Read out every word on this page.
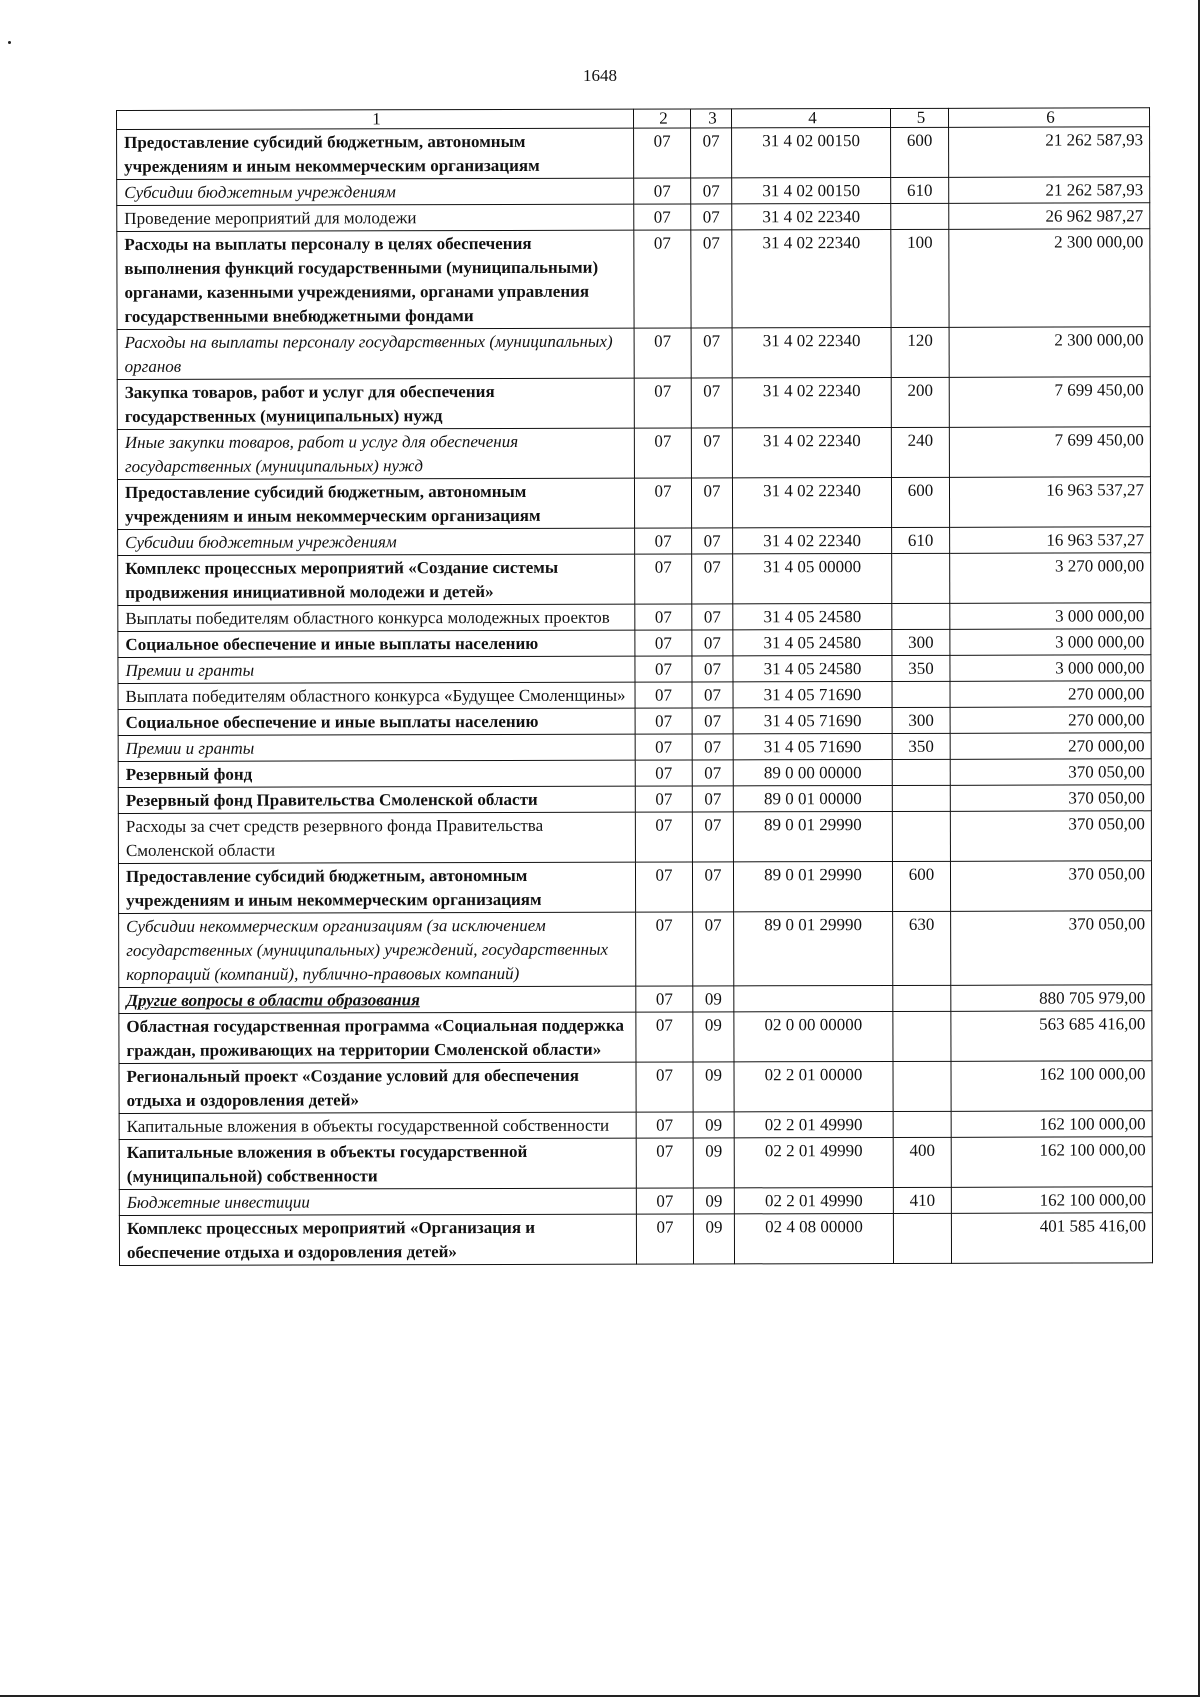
1648
1	2	3	4	5	6
Предоставление субсидий бюджетным, автономным учреждениям и иным некоммерческим организациям	07	07	31 4 02 00150	600	21 262 587,93
Субсидии бюджетным учреждениям	07	07	31 4 02 00150	610	21 262 587,93
Проведение мероприятий для молодежи	07	07	31 4 02 22340		26 962 987,27
Расходы на выплаты персоналу в целях обеспечения выполнения функций государственными (муниципальными) органами, казенными учреждениями, органами управления государственными внебюджетными фондами	07	07	31 4 02 22340	100	2 300 000,00
Расходы на выплаты персоналу государственных (муниципальных) органов	07	07	31 4 02 22340	120	2 300 000,00
Закупка товаров, работ и услуг для обеспечения государственных (муниципальных) нужд	07	07	31 4 02 22340	200	7 699 450,00
Иные закупки товаров, работ и услуг для обеспечения государственных (муниципальных) нужд	07	07	31 4 02 22340	240	7 699 450,00
Предоставление субсидий бюджетным, автономным учреждениям и иным некоммерческим организациям	07	07	31 4 02 22340	600	16 963 537,27
Субсидии бюджетным учреждениям	07	07	31 4 02 22340	610	16 963 537,27
Комплекс процессных мероприятий «Создание системы продвижения инициативной молодежи и детей»	07	07	31 4 05 00000		3 270 000,00
Выплаты победителям областного конкурса молодежных проектов	07	07	31 4 05 24580		3 000 000,00
Социальное обеспечение и иные выплаты населению	07	07	31 4 05 24580	300	3 000 000,00
Премии и гранты	07	07	31 4 05 24580	350	3 000 000,00
Выплата победителям областного конкурса «Будущее Смоленщины»	07	07	31 4 05 71690		270 000,00
Социальное обеспечение и иные выплаты населению	07	07	31 4 05 71690	300	270 000,00
Премии и гранты	07	07	31 4 05 71690	350	270 000,00
Резервный фонд	07	07	89 0 00 00000		370 050,00
Резервный фонд Правительства Смоленской области	07	07	89 0 01 00000		370 050,00
Расходы за счет средств резервного фонда Правительства Смоленской области	07	07	89 0 01 29990		370 050,00
Предоставление субсидий бюджетным, автономным учреждениям и иным некоммерческим организациям	07	07	89 0 01 29990	600	370 050,00
Субсидии некоммерческим организациям (за исключением государственных (муниципальных) учреждений, государственных корпораций (компаний), публично-правовых компаний)	07	07	89 0 01 29990	630	370 050,00
Другие вопросы в области образования	07	09			880 705 979,00
Областная государственная программа «Социальная поддержка граждан, проживающих на территории Смоленской области»	07	09	02 0 00 00000		563 685 416,00
Региональный проект «Создание условий для обеспечения отдыха и оздоровления детей»	07	09	02 2 01 00000		162 100 000,00
Капитальные вложения в объекты государственной собственности	07	09	02 2 01 49990		162 100 000,00
Капитальные вложения в объекты государственной (муниципальной) собственности	07	09	02 2 01 49990	400	162 100 000,00
Бюджетные инвестиции	07	09	02 2 01 49990	410	162 100 000,00
Комплекс процессных мероприятий «Организация и обеспечение отдыха и оздоровления детей»	07	09	02 4 08 00000		401 585 416,00
